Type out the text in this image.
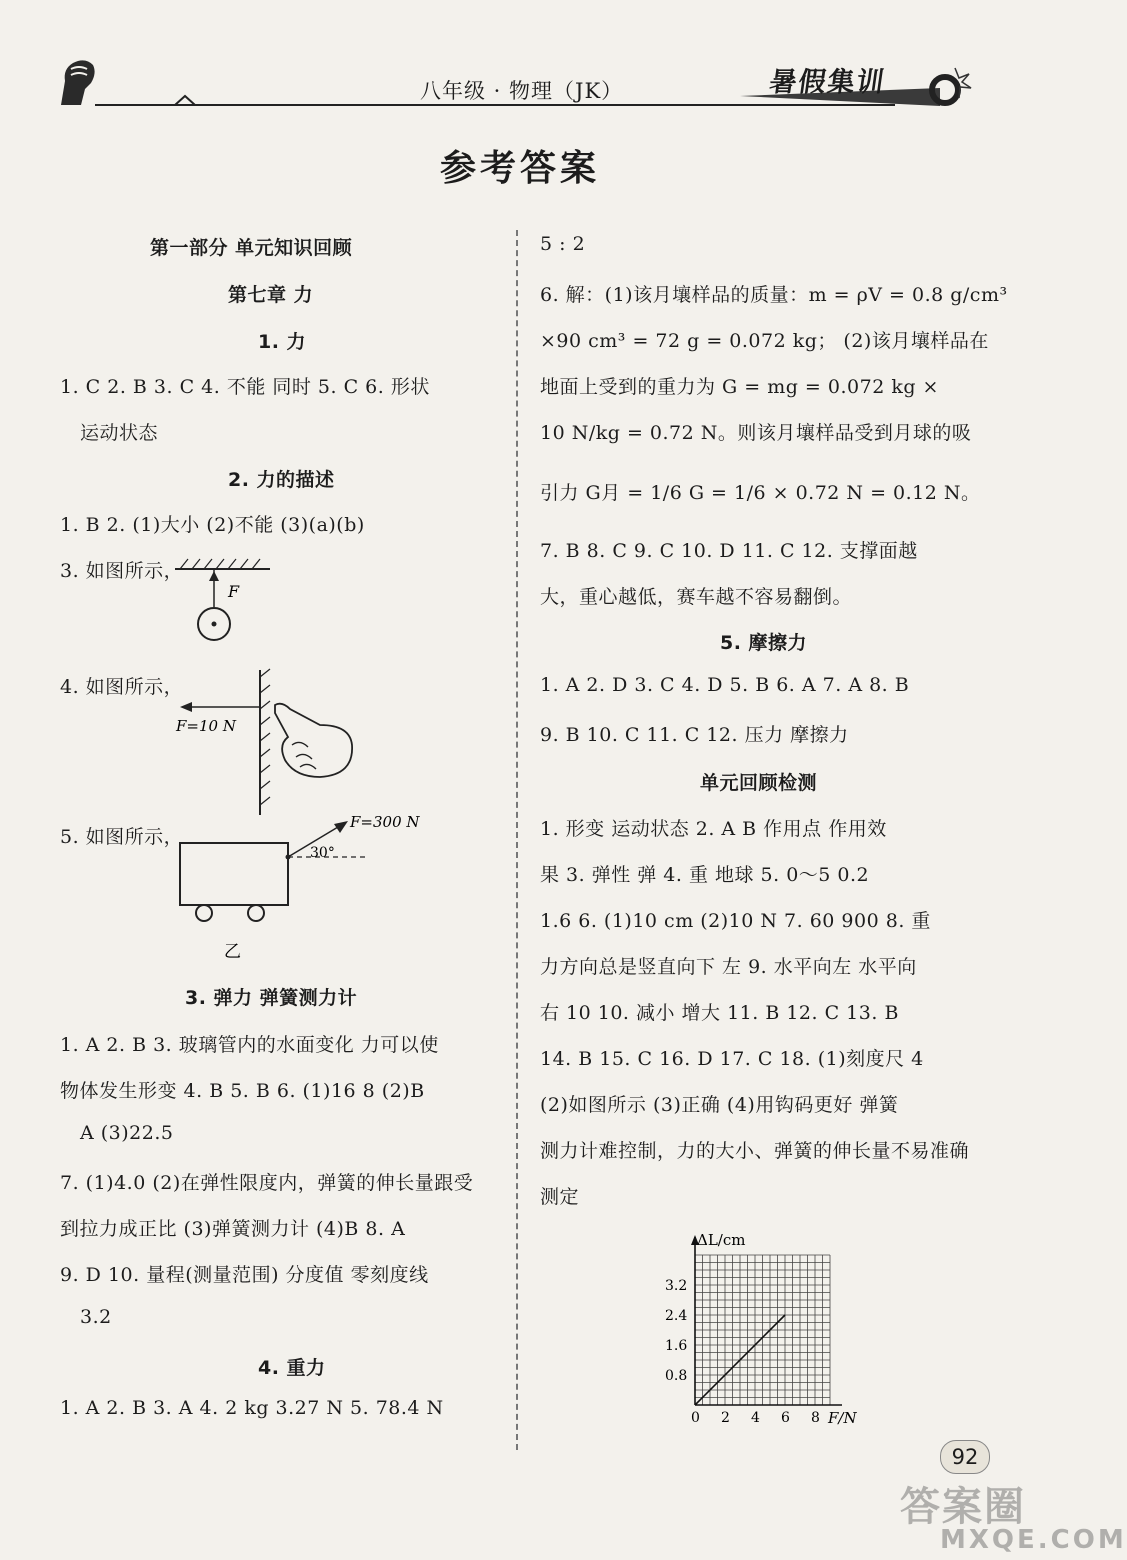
八年级 · 物理（JK）	暑假集训
参考答案
第一部分 单元知识回顾
第七章 力
1. 力
1. C 2. B 3. C 4. 不能 同时 5. C 6. 形状
运动状态
2. 力的描述
1. B 2. (1)大小 (2)不能 (3)(a)(b)
3. 如图所示，
F
4. 如图所示，
F=10 N
5. 如图所示，
F=300 N
30°
乙
3. 弹力 弹簧测力计
1. A 2. B 3. 玻璃管内的水面变化 力可以使
物体发生形变 4. B 5. B 6. (1)16 8 (2)B
A (3)22.5
7. (1)4.0 (2)在弹性限度内，弹簧的伸长量跟受
到拉力成正比 (3)弹簧测力计 (4)B 8. A
9. D 10. 量程(测量范围) 分度值 零刻度线
3.2
4. 重力
1. A 2. B 3. A 4. 2 kg 3.27 N 5. 78.4 N
5 : 2
6. 解：(1)该月壤样品的质量：m = ρV = 0.8 g/cm³
×90 cm³ = 72 g = 0.072 kg； (2)该月壤样品在
地面上受到的重力为 G = mg = 0.072 kg ×
10 N/kg = 0.72 N。则该月壤样品受到月球的吸
引力 G月 = 1/6 G = 1/6 × 0.72 N = 0.12 N。
7. B 8. C 9. C 10. D 11. C 12. 支撑面越
大，重心越低，赛车越不容易翻倒。
5. 摩擦力
1. A 2. D 3. C 4. D 5. B 6. A 7. A 8. B
9. B 10. C 11. C 12. 压力 摩擦力
单元回顾检测
1. 形变 运动状态 2. A B 作用点 作用效
果 3. 弹性 弹 4. 重 地球 5. 0～5 0.2
1.6 6. (1)10 cm (2)10 N 7. 60 900 8. 重
力方向总是竖直向下 左 9. 水平向左 水平向
右 10 10. 减小 增大 11. B 12. C 13. B
14. B 15. C 16. D 17. C 18. (1)刻度尺 4
(2)如图所示 (3)正确 (4)用钩码更好 弹簧
测力计难控制，力的大小、弹簧的伸长量不易准确
测定
0 2 4 6 8
0.8
1.6
2.4
3.2
ΔL/cm
F/N
92
答案圈
MXQE.COM
